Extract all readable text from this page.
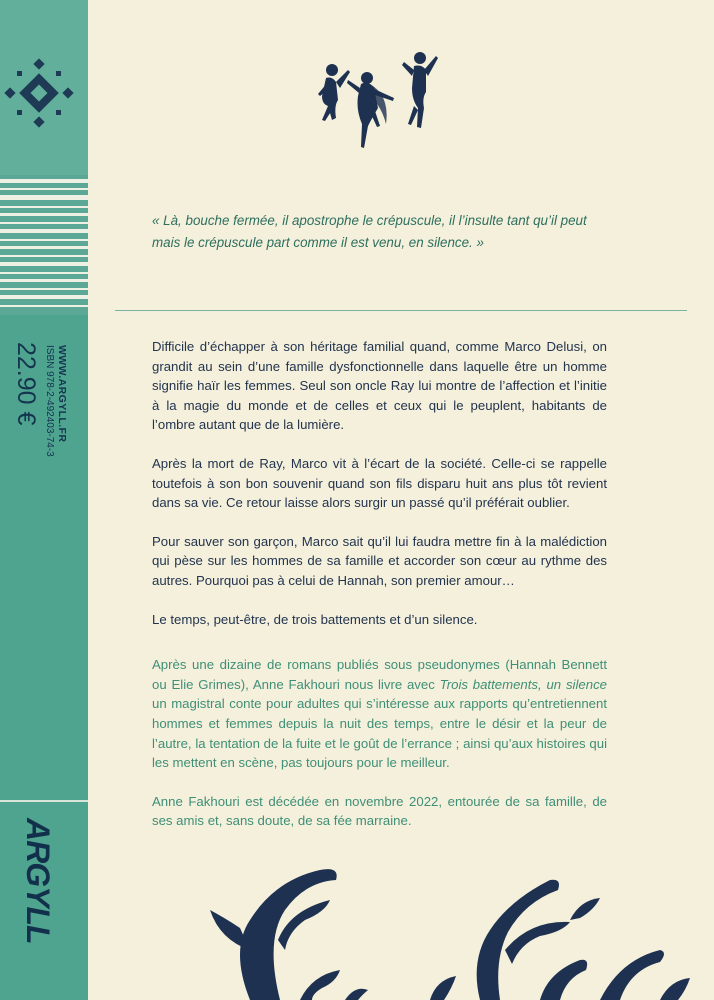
WWW.ARGYLL.FR
ISBN 978-2-492403-74-3
22.90 €
ARGYLL
« Là, bouche fermée, il apostrophe le crépuscule, il l’insulte tant qu’il peut
mais le crépuscule part comme il est venu, en silence. »

Difficile d’échapper à son héritage familial quand, comme Marco Delusi, on grandit au sein d’une famille dysfonctionnelle dans laquelle être un homme signifie haïr les femmes. Seul son oncle Ray lui montre de l’affection et l’initie à la magie du monde et de celles et ceux qui le peuplent, habitants de l’ombre autant que de la lumière.

Après la mort de Ray, Marco vit à l’écart de la société. Celle-ci se rappelle toutefois à son bon souvenir quand son fils disparu huit ans plus tôt revient dans sa vie. Ce retour laisse alors surgir un passé qu’il préférait oublier.

Pour sauver son garçon, Marco sait qu’il lui faudra mettre fin à la malédiction qui pèse sur les hommes de sa famille et accorder son cœur au rythme des autres. Pourquoi pas à celui de Hannah, son premier amour…

Le temps, peut-être, de trois battements et d’un silence.

Après une dizaine de romans publiés sous pseudonymes (Hannah Bennett ou Elie Grimes), Anne Fakhouri nous livre avec Trois battements, un silence un magistral conte pour adultes qui s’intéresse aux rapports qu’entretiennent hommes et femmes depuis la nuit des temps, entre le désir et la peur de l’autre, la tentation de la fuite et le goût de l’errance ; ainsi qu’aux histoires qui les mettent en scène, pas toujours pour le meilleur.

Anne Fakhouri est décédée en novembre 2022, entourée de sa famille, de ses amis et, sans doute, de sa fée marraine.
